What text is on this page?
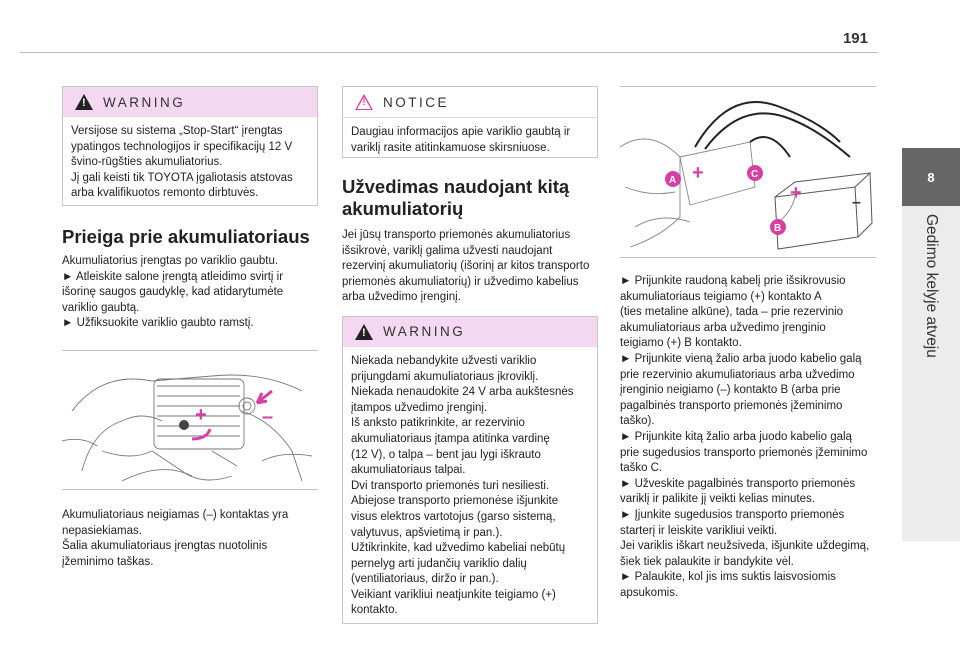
191
8
Gedimo kelyje atveju
!
WARNING
Versijose su sistema „Stop-Start“ įrengtas
ypatingos technologijos ir specifikacijų 12 V
švino-rūgšties akumuliatorius.
Jį gali keisti tik TOYOTA įgaliotasis atstovas
arba kvalifikuotos remonto dirbtuvės.
Prieiga prie akumuliatoriaus

Akumuliatorius įrengtas po variklio gaubtu.

► Atleiskite salone įrengtą atleidimo svirtį ir

išorinę saugos gaudyklę, kad atidarytumėte

variklio gaubtą.

► Užfiksuokite variklio gaubto ramstį.

+	–

Akumuliatoriaus neigiamas (–) kontaktas yra

nepasiekiamas.

Šalia akumuliatoriaus įrengtas nuotolinis

įžeminimo taškas.

!
NOTICE
Daugiau informacijos apie variklio gaubtą ir
variklį rasite atitinkamuose skirsniuose.
Užvedimas naudojant kitą
akumuliatorių

Jei jūsų transporto priemonės akumuliatorius

išsikrovė, variklį galima užvesti naudojant

rezervinį akumuliatorių (išorinį ar kitos transporto

priemonės akumuliatorių) ir užvedimo kabelius

arba užvedimo įrenginį.

!
WARNING
Niekada nebandykite užvesti variklio
prijungdami akumuliatoriaus įkroviklį.
Niekada nenaudokite 24 V arba aukštesnės
įtampos užvedimo įrenginį.
Iš anksto patikrinkite, ar rezervinio
akumuliatoriaus įtampa atitinka vardinę
(12 V), o talpa – bent jau lygi iškrauto
akumuliatoriaus talpai.
Dvi transporto priemonės turi nesiliesti.
Abiejose transporto priemonėse išjunkite
visus elektros vartotojus (garso sistemą,
valytuvus, apšvietimą ir pan.).
Užtikrinkite, kad užvedimo kabeliai nebūtų
pernelyg arti judančių variklio dalių
(ventiliatoriaus, diržo ir pan.).
Veikiant varikliui neatjunkite teigiamo (+)
kontakto.
–
+
+
A
C
B

► Prijunkite raudoną kabelį prie išsikrovusio

akumuliatoriaus teigiamo (+) kontakto A

(ties metaline alkūne), tada – prie rezervinio

akumuliatoriaus arba užvedimo įrenginio

teigiamo (+) B kontakto.

► Prijunkite vieną žalio arba juodo kabelio galą

prie rezervinio akumuliatoriaus arba užvedimo

įrenginio neigiamo (–) kontakto B (arba prie

pagalbinės transporto priemonės įžeminimo

taško).

► Prijunkite kitą žalio arba juodo kabelio galą

prie sugedusios transporto priemonės įžeminimo

taško C.

► Užveskite pagalbinės transporto priemonės

variklį ir palikite jį veikti kelias minutes.

► Įjunkite sugedusios transporto priemonės

starterį ir leiskite varikliui veikti.

Jei variklis iškart neužsiveda, išjunkite uždegimą,

šiek tiek palaukite ir bandykite vėl.

► Palaukite, kol jis ims suktis laisvosiomis

apsukomis.
